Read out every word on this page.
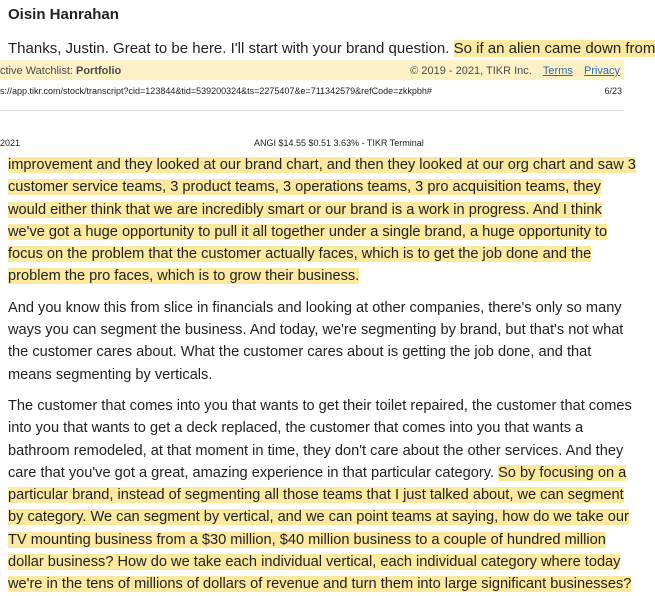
Oisin Hanrahan
Thanks, Justin. Great to be here. I'll start with your brand question. So if an alien came down from
ctive Watchlist: Portfolio	© 2019 - 2021, TIKR Inc. Terms Privacy
s://app.tikr.com/stock/transcript?cid=123844&tid=539200324&ts=2275407&e=711342579&refCode=zkkpbh#	6/23
2021	ANGI $14.55 $0.51 3.63% - TIKR Terminal
improvement and they looked at our brand chart, and then they looked at our org chart and saw 3
customer service teams, 3 product teams, 3 operations teams, 3 pro acquisition teams, they
would either think that we are incredibly smart or our brand is a work in progress. And I think
we've got a huge opportunity to pull it all together under a single brand, a huge opportunity to
focus on the problem that the customer actually faces, which is to get the job done and the
problem the pro faces, which is to grow their business.
And you know this from slice in financials and looking at other companies, there's only so many
ways you can segment the business. And today, we're segmenting by brand, but that's not what
the customer cares about. What the customer cares about is getting the job done, and that
means segmenting by verticals.
The customer that comes into you that wants to get their toilet repaired, the customer that comes
into you that wants to get a deck replaced, the customer that comes into you that wants a
bathroom remodeled, at that moment in time, they don't care about the other services. And they
care that you've got a great, amazing experience in that particular category. So by focusing on a
particular brand, instead of segmenting all those teams that I just talked about, we can segment
by category. We can segment by vertical, and we can point teams at saying, how do we take our
TV mounting business from a $30 million, $40 million business to a couple of hundred million
dollar business? How do we take each individual vertical, each individual category where today
we're in the tens of millions of dollars of revenue and turn them into large significant businesses?
